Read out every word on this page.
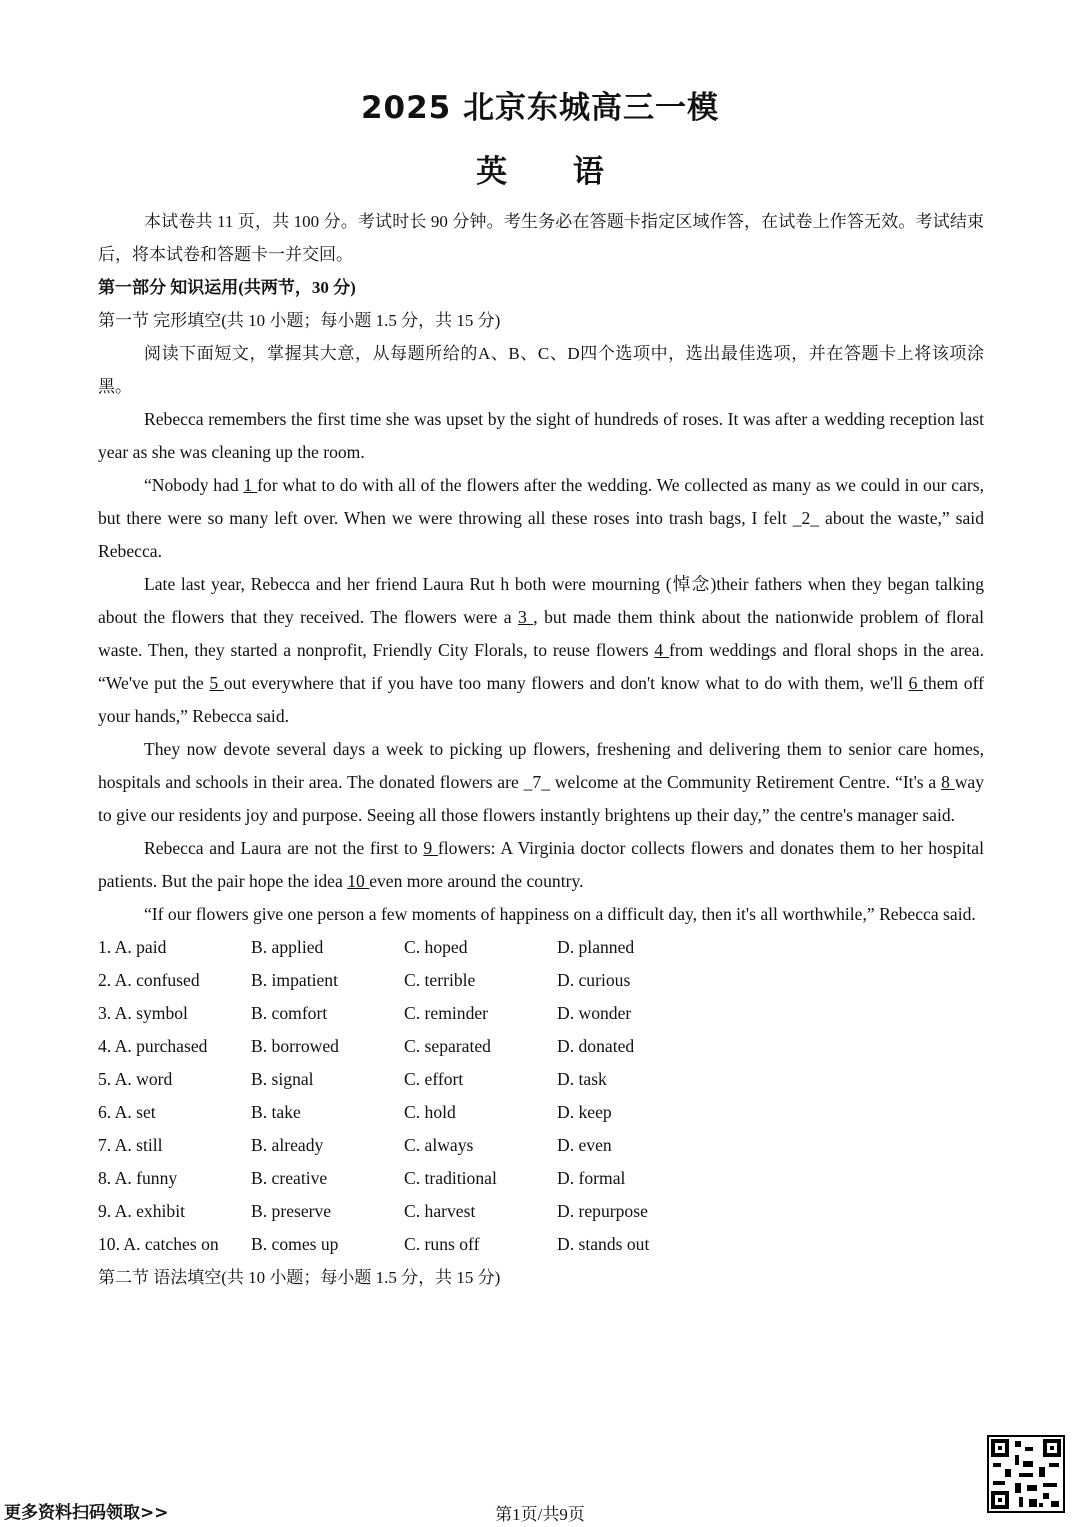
2025 北京东城高三一模
英 语

本试卷共 11 页，共 100 分。考试时长 90 分钟。考生务必在答题卡指定区域作答，在试卷上作答无效。考试结束后，将本试卷和答题卡一并交回。

第一部分 知识运用(共两节，30 分)

第一节 完形填空(共 10 小题；每小题 1.5 分，共 15 分)

阅读下面短文，掌握其大意，从每题所给的A、B、C、D四个选项中，选出最佳选项，并在答题卡上将该项涂黑。

Rebecca remembers the first time she was upset by the sight of hundreds of roses. It was after a wedding reception last year as she was cleaning up the room.

“Nobody had 1 for what to do with all of the flowers after the wedding. We collected as many as we could in our cars, but there were so many left over. When we were throwing all these roses into trash bags, I felt _2_ about the waste,” said Rebecca.

Late last year, Rebecca and her friend Laura Rut h both were mourning (悼念)their fathers when they began talking about the flowers that they received. The flowers were a 3 , but made them think about the nationwide problem of floral waste. Then, they started a nonprofit, Friendly City Florals, to reuse flowers 4 from weddings and floral shops in the area. “We've put the 5 out everywhere that if you have too many flowers and don't know what to do with them, we'll 6 them off your hands,” Rebecca said.

They now devote several days a week to picking up flowers, freshening and delivering them to senior care homes, hospitals and schools in their area. The donated flowers are _7_ welcome at the Community Retirement Centre. “It's a 8 way to give our residents joy and purpose. Seeing all those flowers instantly brightens up their day,” the centre's manager said.

Rebecca and Laura are not the first to 9 flowers: A Virginia doctor collects flowers and donates them to her hospital patients. But the pair hope the idea 10 even more around the country.

“If our flowers give one person a few moments of happiness on a difficult day, then it's all worthwhile,” Rebecca said.

1. A. paid	B. applied	C. hoped	D. planned
2. A. confused	B. impatient	C. terrible	D. curious
3. A. symbol	B. comfort	C. reminder	D. wonder
4. A. purchased	B. borrowed	C. separated	D. donated
5. A. word	B. signal	C. effort	D. task
6. A. set	B. take	C. hold	D. keep
7. A. still	B. already	C. always	D. even
8. A. funny	B. creative	C. traditional	D. formal
9. A. exhibit	B. preserve	C. harvest	D. repurpose
10. A. catches on	B. comes up	C. runs off	D. stands out

第二节 语法填空(共 10 小题；每小题 1.5 分，共 15 分)

更多资料扫码领取>>	第1页/共9页
